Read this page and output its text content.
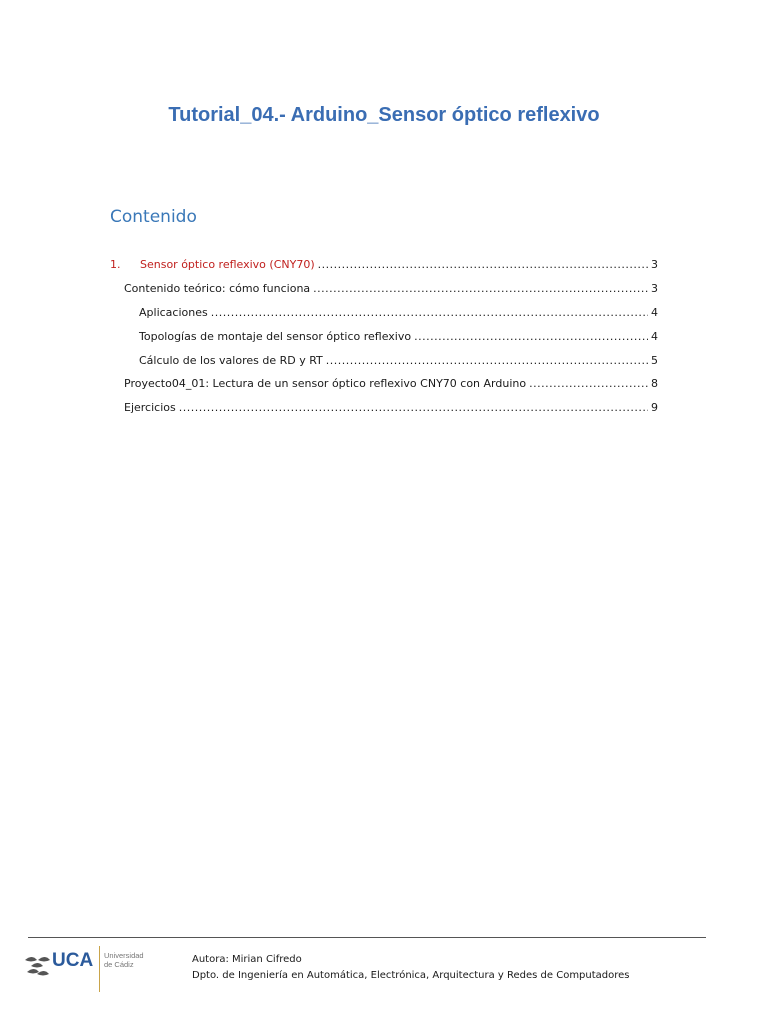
Tutorial_04.- Arduino_Sensor óptico reflexivo
Contenido
1.	Sensor óptico reflexivo (CNY70) .....	3
Contenido teórico: cómo funciona .....	3
Aplicaciones .....	4
Topologías de montaje del sensor óptico reflexivo .....	4
Cálculo de los valores de RD y RT .....	5
Proyecto04_01: Lectura de un sensor óptico reflexivo CNY70 con Arduino .....	8
Ejercicios .....	9
UCA Universidad
de Cádiz	Autora: Mirian Cifredo
Dpto. de Ingeniería en Automática, Electrónica, Arquitectura y Redes de Computadores
